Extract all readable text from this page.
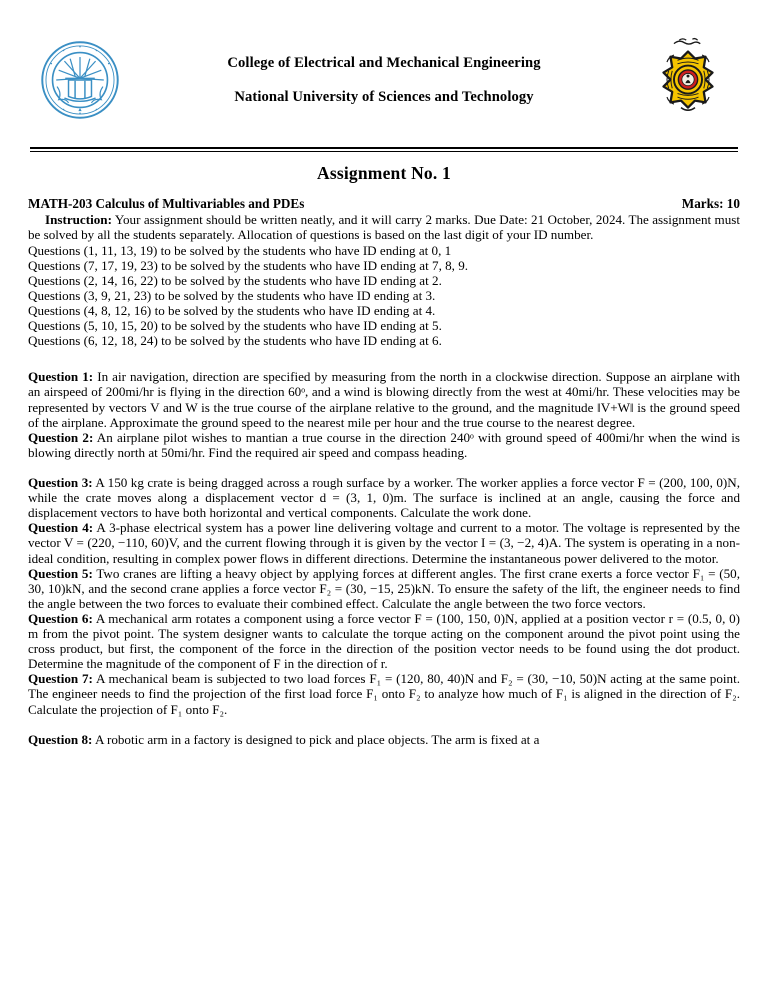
College of Electrical and Mechanical Engineering
National University of Sciences and Technology
Assignment No. 1
MATH-203 Calculus of Multivariables and PDEs	Marks: 10

Instruction: Your assignment should be written neatly, and it will carry 2 marks. Due Date: 21 October, 2024. The assignment must be solved by all the students separately. Allocation of questions is based on the last digit of your ID number.

Questions (1, 11, 13, 19) to be solved by the students who have ID ending at 0, 1
Questions (7, 17, 19, 23) to be solved by the students who have ID ending at 7, 8, 9.
Questions (2, 14, 16, 22) to be solved by the students who have ID ending at 2.
Questions (3, 9, 21, 23) to be solved by the students who have ID ending at 3.
Questions (4, 8, 12, 16) to be solved by the students who have ID ending at 4.
Questions (5, 10, 15, 20) to be solved by the students who have ID ending at 5.
Questions (6, 12, 18, 24) to be solved by the students who have ID ending at 6.

Question 1: In air navigation, direction are specified by measuring from the north in a clockwise direction. Suppose an airplane with an airspeed of 200mi/hr is flying in the direction 60ᵒ, and a wind is blowing directly from the west at 40mi/hr. These velocities may be represented by vectors V and W is the true course of the airplane relative to the ground, and the magnitude ‖V+W‖ is the ground speed of the airplane. Approximate the ground speed to the nearest mile per hour and the true course to the nearest degree.

Question 2: An airplane pilot wishes to mantian a true course in the direction 240ᵒ with ground speed of 400mi/hr when the wind is blowing directly north at 50mi/hr. Find the required air speed and compass heading.

Question 3: A 150 kg crate is being dragged across a rough surface by a worker. The worker applies a force vector F = (200, 100, 0)N, while the crate moves along a displacement vector d = (3, 1, 0)m. The surface is inclined at an angle, causing the force and displacement vectors to have both horizontal and vertical components. Calculate the work done.

Question 4: A 3-phase electrical system has a power line delivering voltage and current to a motor. The voltage is represented by the vector V = (220, −110, 60)V, and the current flowing through it is given by the vector I = (3, −2, 4)A. The system is operating in a non-ideal condition, resulting in complex power flows in different directions. Determine the instantaneous power delivered to the motor.

Question 5: Two cranes are lifting a heavy object by applying forces at different angles. The first crane exerts a force vector F₁ = (50, 30, 10)kN, and the second crane applies a force vector F₂ = (30, −15, 25)kN. To ensure the safety of the lift, the engineer needs to find the angle between the two forces to evaluate their combined effect. Calculate the angle between the two force vectors.

Question 6: A mechanical arm rotates a component using a force vector F = (100, 150, 0)N, applied at a position vector r = (0.5, 0, 0) m from the pivot point. The system designer wants to calculate the torque acting on the component around the pivot point using the cross product, but first, the component of the force in the direction of the position vector needs to be found using the dot product. Determine the magnitude of the component of F in the direction of r.

Question 7: A mechanical beam is subjected to two load forces F₁ = (120, 80, 40)N and F₂ = (30, −10, 50)N acting at the same point. The engineer needs to find the projection of the first load force F₁ onto F₂ to analyze how much of F₁ is aligned in the direction of F₂. Calculate the projection of F₁ onto F₂.

Question 8: A robotic arm in a factory is designed to pick and place objects. The arm is fixed at a
